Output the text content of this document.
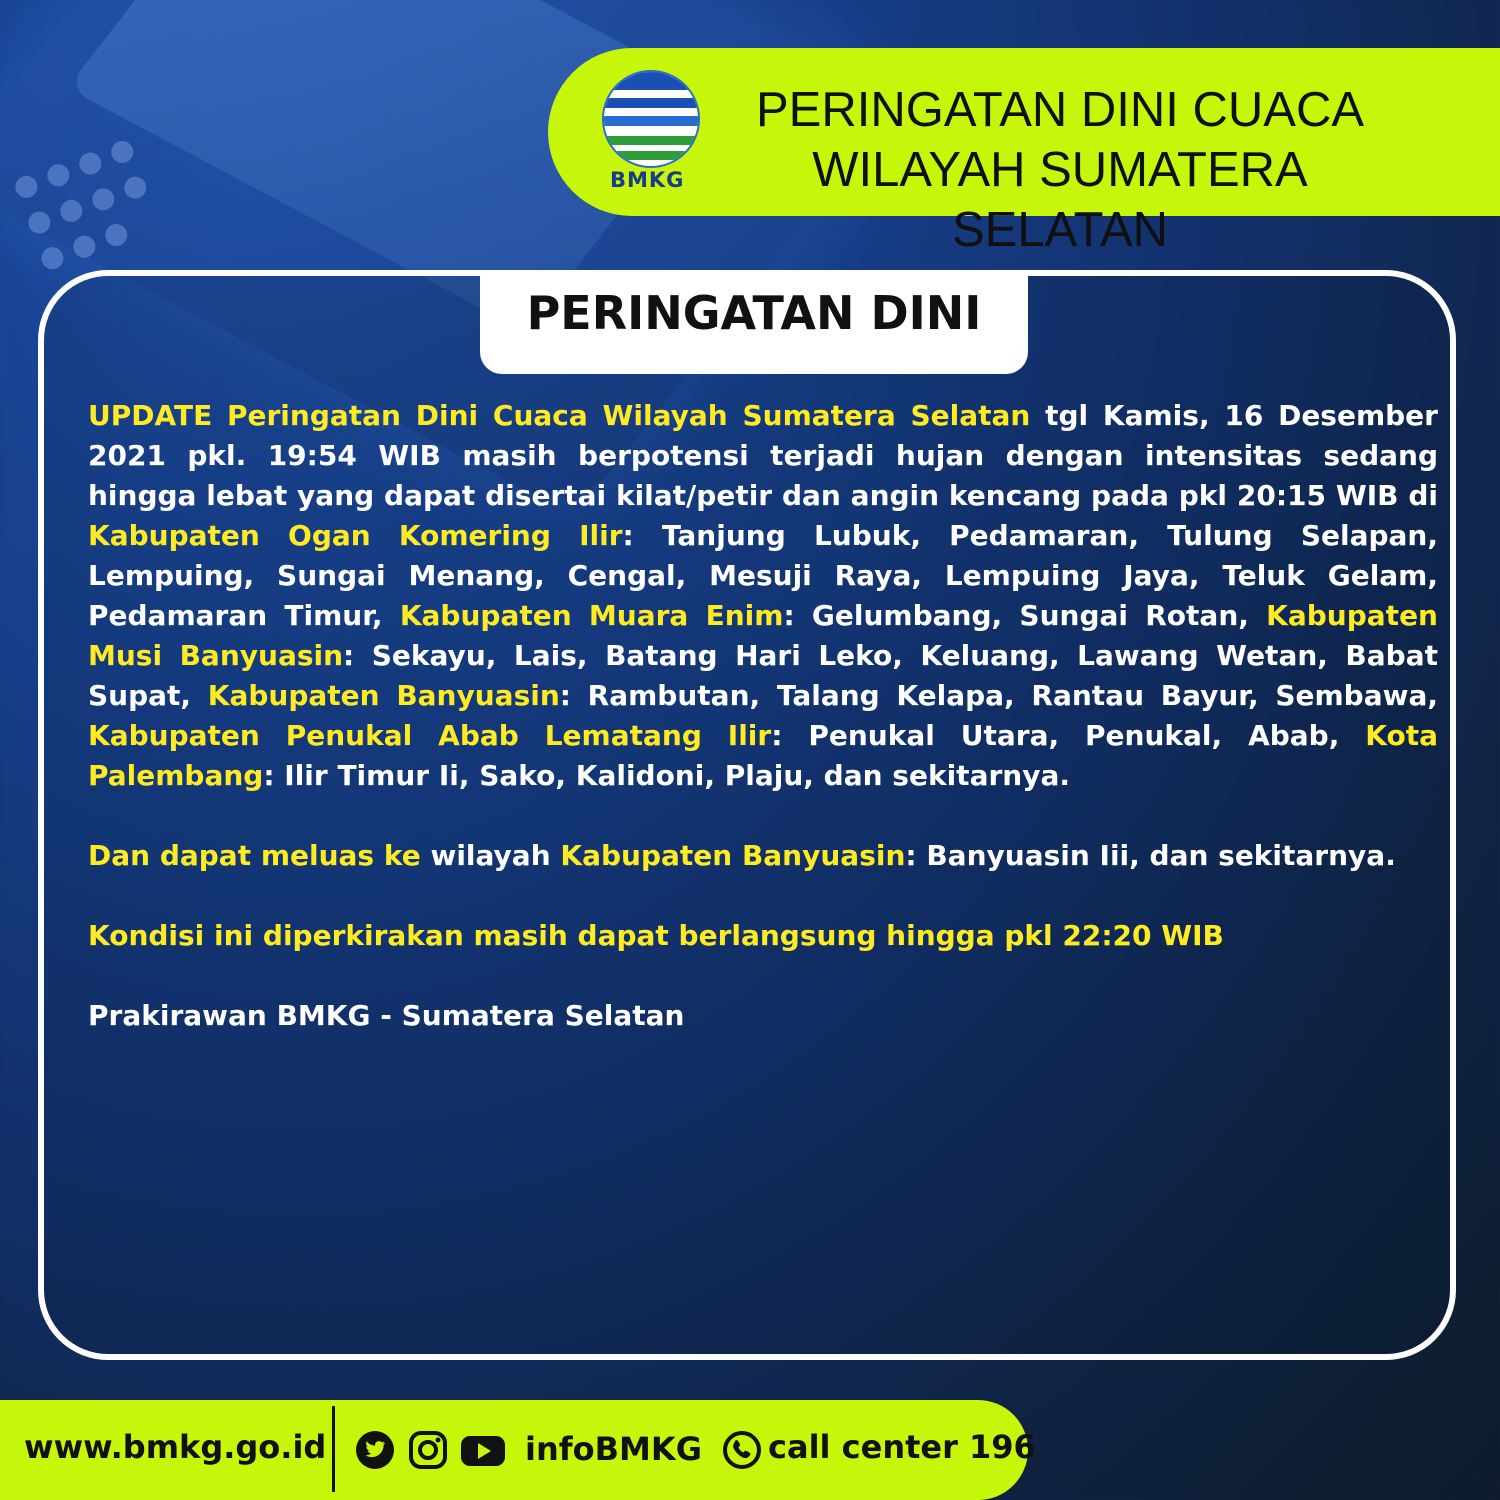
BMKG
PERINGATAN DINI CUACA
WILAYAH SUMATERA SELATAN
PERINGATAN DINI

UPDATE Peringatan Dini Cuaca Wilayah Sumatera Selatan tgl Kamis, 16 Desember 2021 pkl. 19:54 WIB masih berpotensi terjadi hujan dengan intensitas sedang hingga lebat yang dapat disertai kilat/petir dan angin kencang pada pkl 20:15 WIB di Kabupaten Ogan Komering Ilir: Tanjung Lubuk, Pedamaran, Tulung Selapan, Lempuing, Sungai Menang, Cengal, Mesuji Raya, Lempuing Jaya, Teluk Gelam, Pedamaran Timur, Kabupaten Muara Enim: Gelumbang, Sungai Rotan, Kabupaten Musi Banyuasin: Sekayu, Lais, Batang Hari Leko, Keluang, Lawang Wetan, Babat Supat, Kabupaten Banyuasin: Rambutan, Talang Kelapa, Rantau Bayur, Sembawa, Kabupaten Penukal Abab Lematang Ilir: Penukal Utara, Penukal, Abab, Kota Palembang: Ilir Timur Ii, Sako, Kalidoni, Plaju, dan sekitarnya.

Dan dapat meluas ke wilayah Kabupaten Banyuasin: Banyuasin Iii, dan sekitarnya.

Kondisi ini diperkirakan masih dapat berlangsung hingga pkl 22:20 WIB

Prakirawan BMKG - Sumatera Selatan

www.bmkg.go.id	infoBMKG call center 196
